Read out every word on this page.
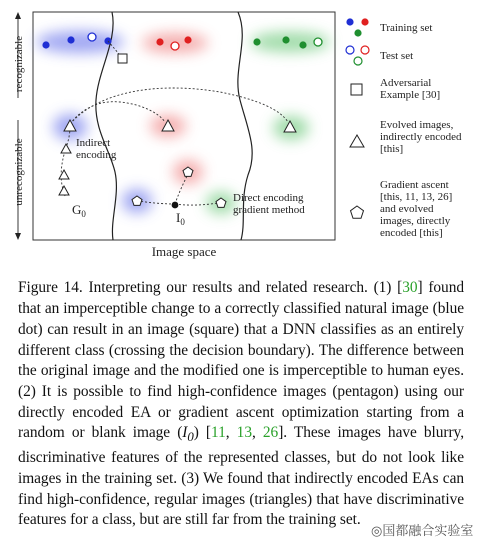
Indirect
encoding
$G_0$	$I_0$
Direct encoding
gradient method
recognizable
unrecognizable
Image space
Training set
Test set
Adversarial
Example [30]
Evolved images,
indirectly encoded
[this]
Gradient ascent
[this, 11, 13, 26]
and evolved
images, directly
encoded [this]

Figure 14. Interpreting our results and related research. (1) [30] found that an imperceptible change to a correctly classified natural image (blue dot) can result in an image (square) that a DNN classifies as an entirely different class (crossing the decision boundary). The difference between the original image and the modified one is imperceptible to human eyes. (2) It is possible to find high-confidence images (pentagon) using our directly encoded EA or gradient ascent optimization starting from a random or blank image $(I_0)$ [11, 13, 26]. These images have blurry, discriminative features of the represented classes, but do not look like images in the training set. (3) We found that indirectly encoded EAs can find high-confidence, regular images (triangles) that have discriminative features for a class, but are still far from the training set.

◎国都融合实验室
